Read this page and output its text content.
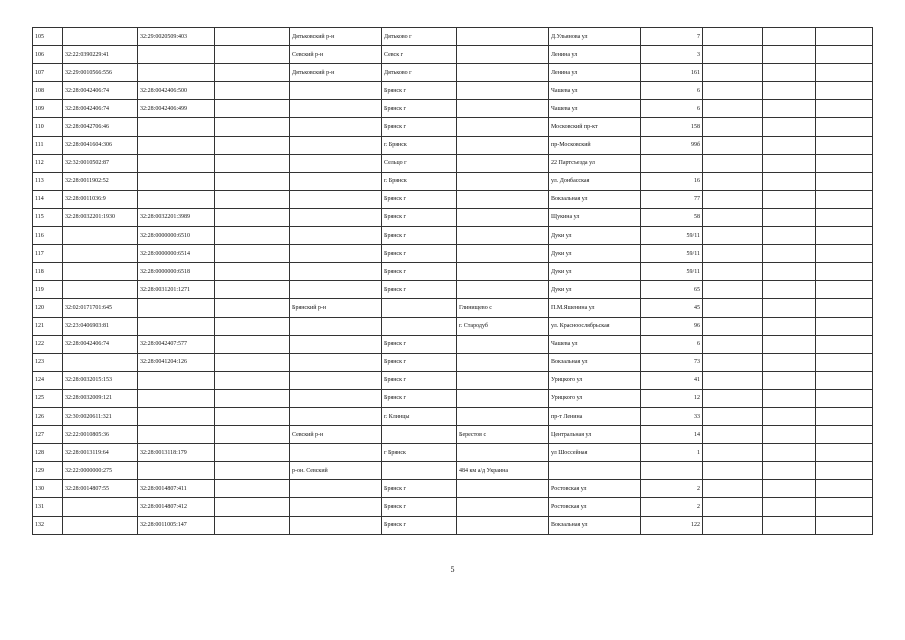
105		32:29:0020509:403		Дятьковский р-н	Дятьково г		Д.Ульянова ул	7			
106	32:22:0390229:41			Севский р-н	Севск г		Ленина ул	3			
107	32:29:0010566:556			Дятьковский р-н	Дятьково г		Ленина ул	161			
108	32:28:0042406:74	32:28:0042406:500			Брянск г		Чашева ул	6			
109	32:28:0042406:74	32:28:0042406:499			Брянск г		Чашева ул	6			
110	32:28:0042706:46				Брянск г		Московский пр-кт	158			
111	32:28:0041604:306				г. Брянск		пр-Московский	99б			
112	32:32:0010502:87				Сельцо г		22 Партсъезда ул				
113	32:28:0011902:52				г. Брянск		ул. Донбасская	16			
114	32:28:0011036:9				Брянск г		Вокзальная ул	77			
115	32:28:0032201:1930	32:28:0032201:3989			Брянск г		Щукина ул	58			
116		32:28:0000000:6510			Брянск г		Дуки ул	59/11			
117		32:28:0000000:6514			Брянск г		Дуки ул	59/11			
118		32:28:0000000:6518			Брянск г		Дуки ул	59/11			
119		32:28:0031201:1271			Брянск г		Дуки ул	65			
120	32:02:0171701:645			Брянский р-н		Глинищево с	П.М.Яшенина ул	45			
121	32:23:0406903:81					г. Стародуб	ул. Красноослябрьская	96			
122	32:28:0042406:74	32:28:0042407:577			Брянск г		Чашева ул	6			
123		32:28:0041204:126			Брянск г		Вокзальная ул	73			
124	32:28:0032015:153				Брянск г		Урицкого ул	41			
125	32:28:0032009:121				Брянск г		Урицкого ул	12			
126	32:30:0020611:321				г. Клинцы		пр-т Ленина	33			
127	32:22:0010805:36			Севский р-н		Берестов с	Центральная ул	14			
128	32:28:0013119:64	32:28:0013118:179			г Брянск		ул Шоссейная	1			
129	32:22:0000000:275			р-он. Севский		484 км а/д Украина					
130	32:28:0014807:55	32:28:0014807:411			Брянск г		Ростовская ул	2			
131		32:28:0014807:412			Брянск г		Ростовская ул	2			
132		32:28:0011005:147			Брянск г		Вокзальная ул	122			
5
